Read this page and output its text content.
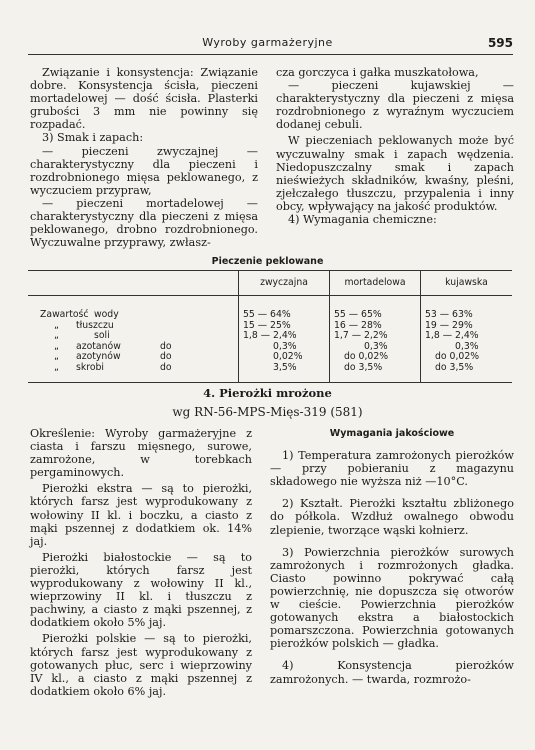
Wyroby garmażeryjne	595

Związanie i konsystencja: Związanie dobre. Konsystencja ścisła, pieczeni mortadelowej — dość ścisła. Plasterki grubości 3 mm nie powinny się rozpadać.

3) Smak i zapach:

— pieczeni zwyczajnej — charakterystyczny dla pieczeni i rozdrobnionego mięsa peklowanego, z wyczuciem przypraw,

— pieczeni mortadelowej — charakterystyczny dla pieczeni z mięsa peklowanego, drobno rozdrobnionego. Wyczuwalne przyprawy, zwłasz-

cza gorczyca i gałka muszkatołowa,

— pieczeni kujawskiej — charakterystyczny dla pieczeni z mięsa rozdrobnionego z wyraźnym wyczuciem dodanej cebuli.

W pieczeniach peklowanych może być wyczuwalny smak i zapach wędzenia. Niedopuszczalny smak i zapach nieświeżych składników, kwaśny, pleśni, zjełczałego tłuszczu, przypalenia i inny obcy, wpływający na jakość produktów.

4) Wymagania chemiczne:

Pieczenie peklowane
	zwyczajna	mortadelowa	kujawska
Zawartość wody	55 — 64%	55 — 65%	53 — 63%
„ tłuszczu	15 — 25%	16 — 28%	19 — 29%
„ soli	1,8 — 2,4%	1,7 — 2,2%	1,8 — 2,4%
„ azotanów do	0,3%	0,3%	0,3%
„ azotynów do	0,02%	do 0,02%	do 0,02%
„ skrobi do	3,5%	do 3,5%	do 3,5%
4. Pierożki mrożone
wg RN-56-MPS-Mięs-319 (581)

Określenie: Wyroby garmażeryjne z ciasta i farszu mięsnego, surowe, zamrożone, w torebkach pergaminowych.

Pierożki ekstra — są to pierożki, których farsz jest wyprodukowany z wołowiny II kl. i boczku, a ciasto z mąki pszennej z dodatkiem ok. 14% jaj.

Pierożki białostockie — są to pierożki, których farsz jest wyprodukowany z wołowiny II kl., wieprzowiny II kl. i tłuszczu z pachwiny, a ciasto z mąki pszennej, z dodatkiem około 5% jaj.

Pierożki polskie — są to pierożki, których farsz jest wyprodukowany z gotowanych płuc, serc i wieprzowiny IV kl., a ciasto z mąki pszennej z dodatkiem około 6% jaj.

Wymagania jakościowe

1) Temperatura zamrożonych pierożków — przy pobieraniu z magazynu składowego nie wyższa niż —10°C.

2) Kształt. Pierożki kształtu zbliżonego do półkola. Wzdłuż owalnego obwodu zlepienie, tworzące wąski kołnierz.

3) Powierzchnia pierożków surowych zamrożonych i rozmrożonych gładka. Ciasto powinno pokrywać całą powierzchnię, nie dopuszcza się otworów w cieście. Powierzchnia pierożków gotowanych ekstra a białostockich pomarszczona. Powierzchnia gotowanych pierożków polskich — gładka.

4) Konsystencja pierożków zamrożonych. — twarda, rozmrożo-
